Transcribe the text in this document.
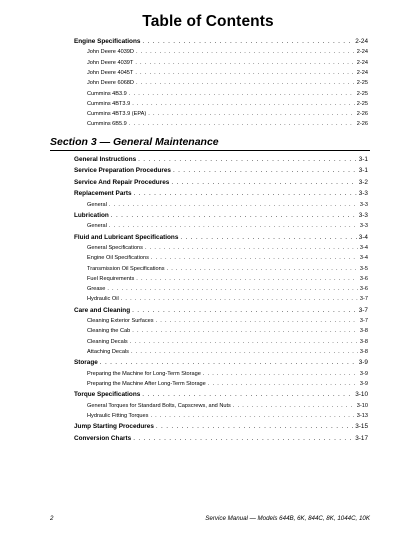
Table of Contents
Engine Specifications . . .	2-24
John Deere 4039D . . .	2-24
John Deere 4039T . . .	2-24
John Deere 4045T . . .	2-24
John Deere 6068D . . .	2-25
Cummins 4B3.9 . . .	2-25
Cummins 4BT3.9 . . .	2-25
Cummins 4BT3.9 (EPA) . . .	2-26
Cummins 6B5.9 . . .	2-26
Section 3 — General Maintenance
General Instructions . . .	3-1
Service Preparation Procedures . . .	3-1
Service And Repair Procedures . . .	3-2
Replacement Parts . . .	3-3
General . . .	3-3
Lubrication . . .	3-3
General . . .	3-3
Fluid and Lubricant Specifications . . .	3-4
General Specifications . . .	3-4
Engine Oil Specifications . . .	3-4
Transmission Oil Specifications . . .	3-5
Fuel Requirements . . .	3-6
Grease . . .	3-6
Hydraulic Oil . . .	3-7
Care and Cleaning . . .	3-7
Cleaning Exterior Surfaces . . .	3-7
Cleaning the Cab . . .	3-8
Cleaning Decals . . .	3-8
Attaching Decals . . .	3-8
Storage . . .	3-9
Preparing the Machine for Long-Term Storage . . .	3-9
Preparing the Machine After Long-Term Storage . . .	3-9
Torque Specifications . . .	3-10
General Torques for Standard Bolts, Capscrews, and Nuts . . .	3-10
Hydraulic Fitting Torques . . .	3-13
Jump Starting Procedures . . .	3-15
Conversion Charts . . .	3-17
2	Service Manual — Models 644B, 6K, 844C, 8K, 1044C, 10K
